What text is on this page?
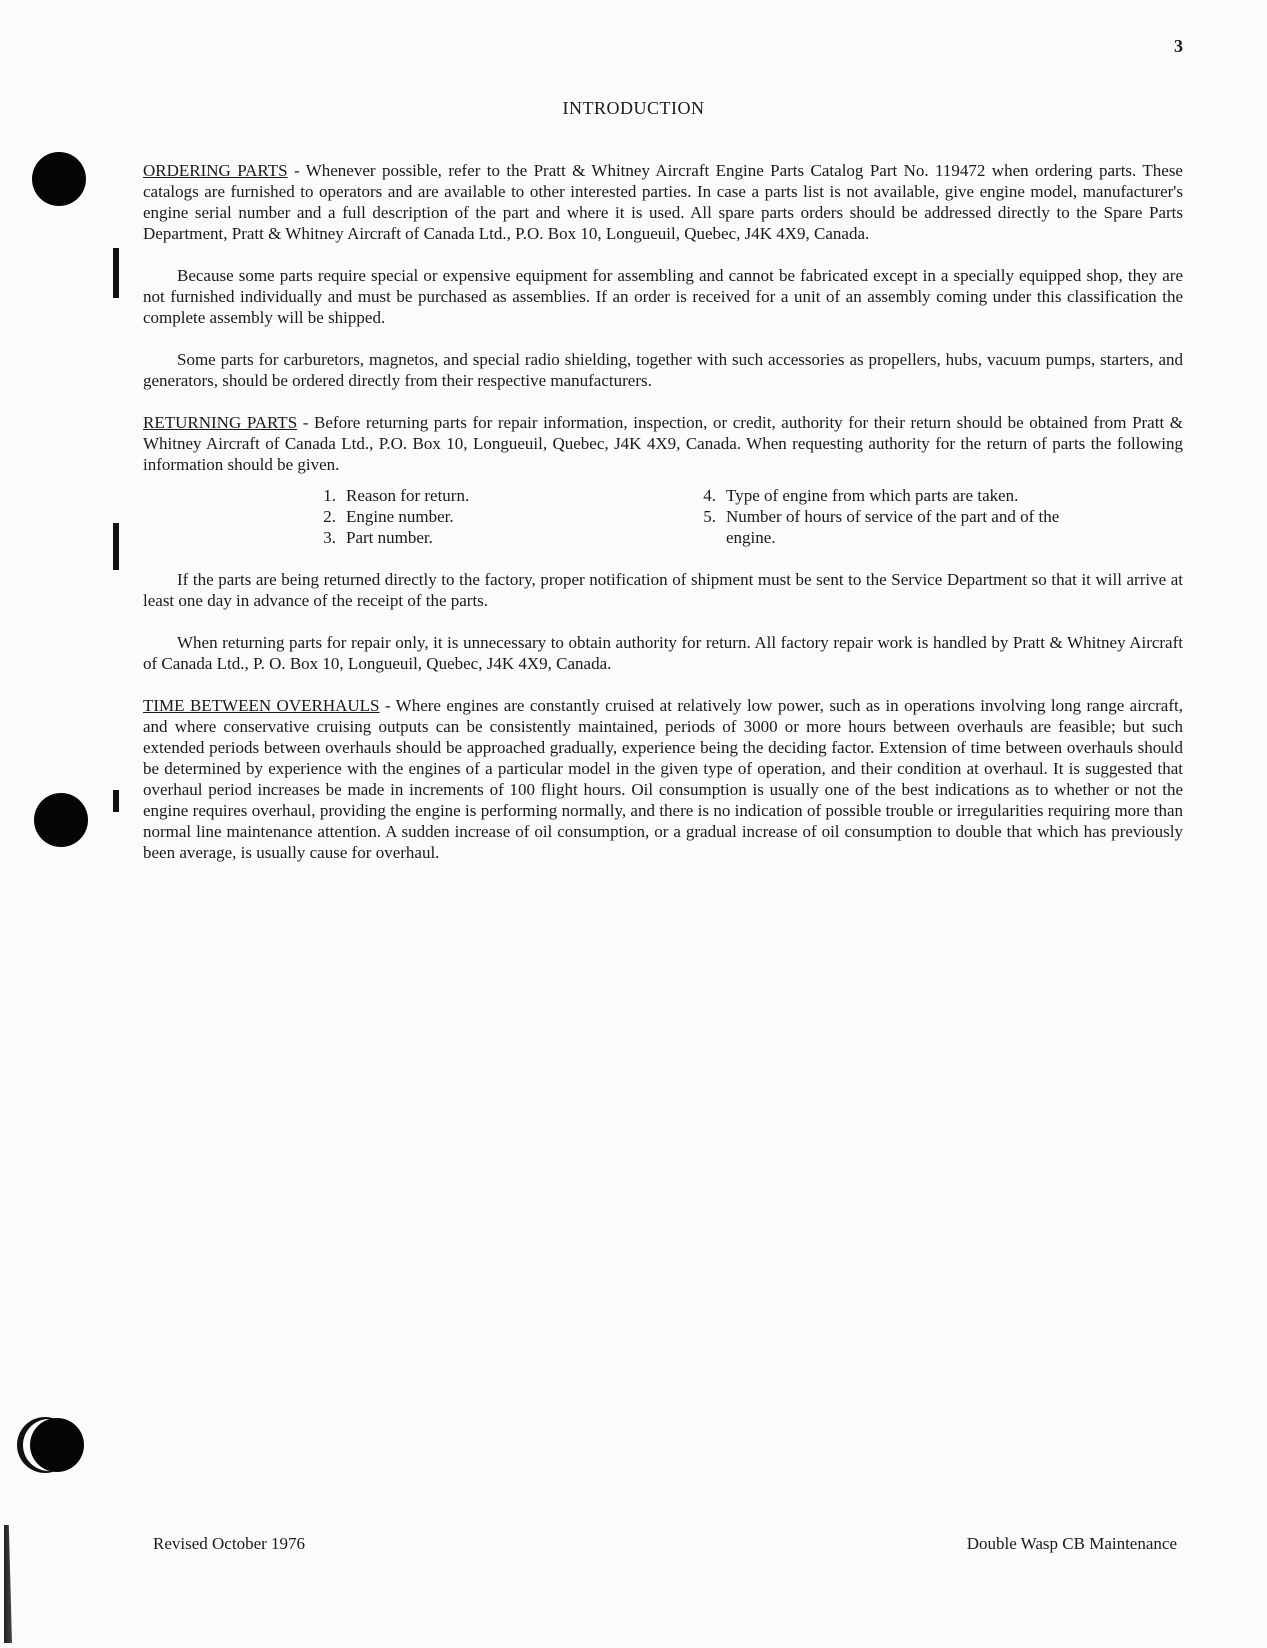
3
INTRODUCTION

ORDERING PARTS - Whenever possible, refer to the Pratt & Whitney Aircraft Engine Parts Catalog Part No. 119472 when ordering parts. These catalogs are furnished to operators and are available to other interested parties. In case a parts list is not available, give engine model, manufacturer's engine serial number and a full description of the part and where it is used. All spare parts orders should be addressed directly to the Spare Parts Department, Pratt & Whitney Aircraft of Canada Ltd., P.O. Box 10, Longueuil, Quebec, J4K 4X9, Canada.

Because some parts require special or expensive equipment for assembling and cannot be fabricated except in a specially equipped shop, they are not furnished individually and must be purchased as assemblies. If an order is received for a unit of an assembly coming under this classification the complete assembly will be shipped.

Some parts for carburetors, magnetos, and special radio shielding, together with such accessories as propellers, hubs, vacuum pumps, starters, and generators, should be ordered directly from their respective manufacturers.

RETURNING PARTS - Before returning parts for repair information, inspection, or credit, authority for their return should be obtained from Pratt & Whitney Aircraft of Canada Ltd., P.O. Box 10, Longueuil, Quebec, J4K 4X9, Canada. When requesting authority for the return of parts the following information should be given.

1. Reason for return.
2. Engine number.
3. Part number.
4. Type of engine from which parts are taken.
5. Number of hours of service of the part and of the engine.

If the parts are being returned directly to the factory, proper notification of shipment must be sent to the Service Department so that it will arrive at least one day in advance of the receipt of the parts.

When returning parts for repair only, it is unnecessary to obtain authority for return. All factory repair work is handled by Pratt & Whitney Aircraft of Canada Ltd., P. O. Box 10, Longueuil, Quebec, J4K 4X9, Canada.

TIME BETWEEN OVERHAULS - Where engines are constantly cruised at relatively low power, such as in operations involving long range aircraft, and where conservative cruising outputs can be consistently maintained, periods of 3000 or more hours between overhauls are feasible; but such extended periods between overhauls should be approached gradually, experience being the deciding factor. Extension of time between overhauls should be determined by experience with the engines of a particular model in the given type of operation, and their condition at overhaul. It is suggested that overhaul period increases be made in increments of 100 flight hours. Oil consumption is usually one of the best indications as to whether or not the engine requires overhaul, providing the engine is performing normally, and there is no indication of possible trouble or irregularities requiring more than normal line maintenance attention. A sudden increase of oil consumption, or a gradual increase of oil consumption to double that which has previously been average, is usually cause for overhaul.

Revised October 1976	Double Wasp CB Maintenance
